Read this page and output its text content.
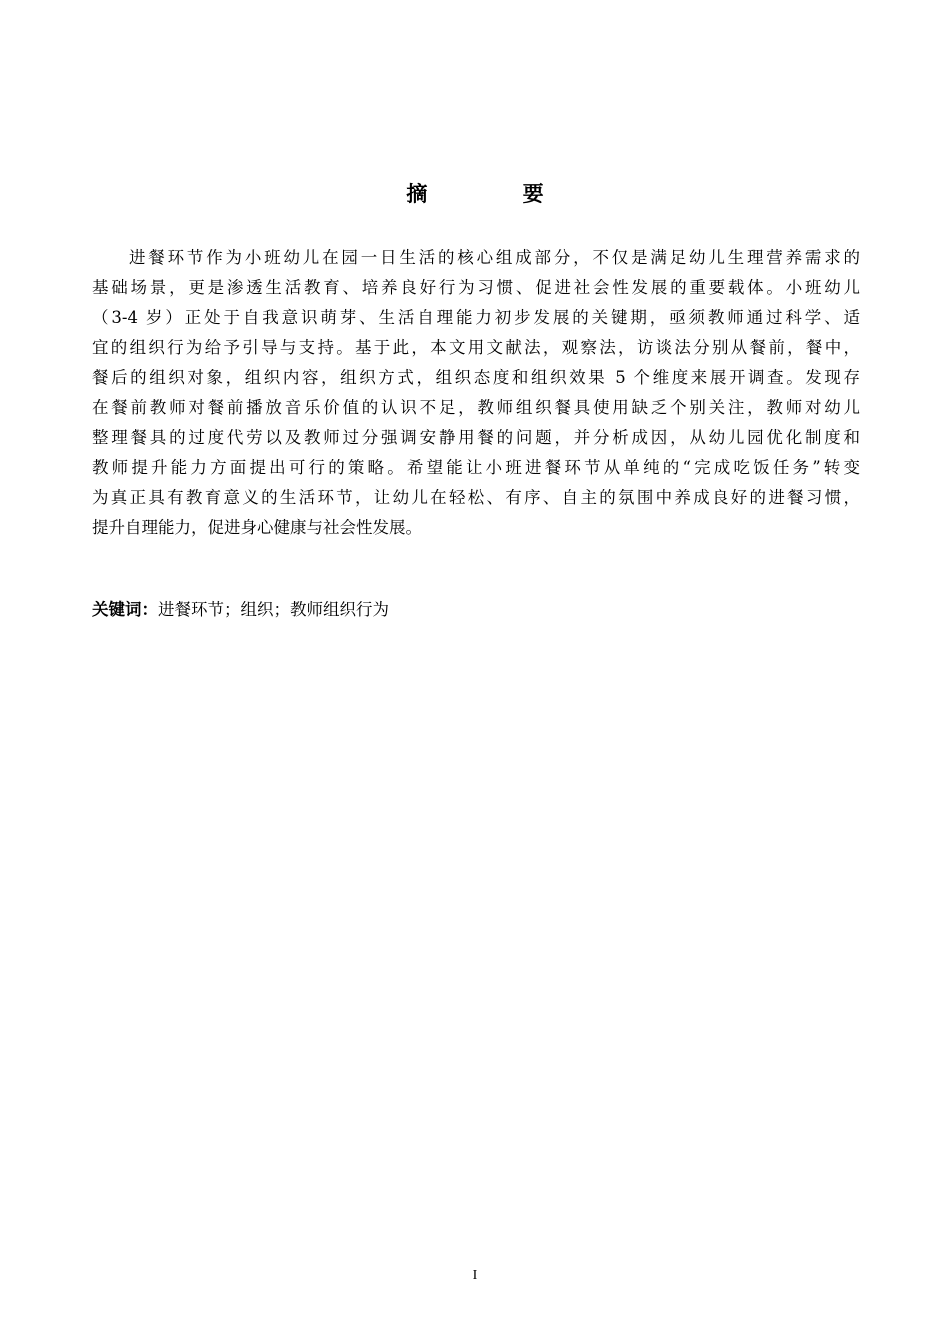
摘 要
进餐环节作为小班幼儿在园一日生活的核心组成部分，不仅是满足幼儿生理营养需求的
基础场景，更是渗透生活教育、培养良好行为习惯、促进社会性发展的重要载体。小班幼儿
（3-4 岁）正处于自我意识萌芽、生活自理能力初步发展的关键期，亟须教师通过科学、适
宜的组织行为给予引导与支持。基于此，本文用文献法，观察法，访谈法分别从餐前，餐中，
餐后的组织对象，组织内容，组织方式，组织态度和组织效果 5 个维度来展开调查。发现存
在餐前教师对餐前播放音乐价值的认识不足，教师组织餐具使用缺乏个别关注，教师对幼儿
整理餐具的过度代劳以及教师过分强调安静用餐的问题，并分析成因，从幼儿园优化制度和
教师提升能力方面提出可行的策略。希望能让小班进餐环节从单纯的“完成吃饭任务”转变
为真正具有教育意义的生活环节，让幼儿在轻松、有序、自主的氛围中养成良好的进餐习惯，
提升自理能力，促进身心健康与社会性发展。
关键词：进餐环节；组织；教师组织行为
I
